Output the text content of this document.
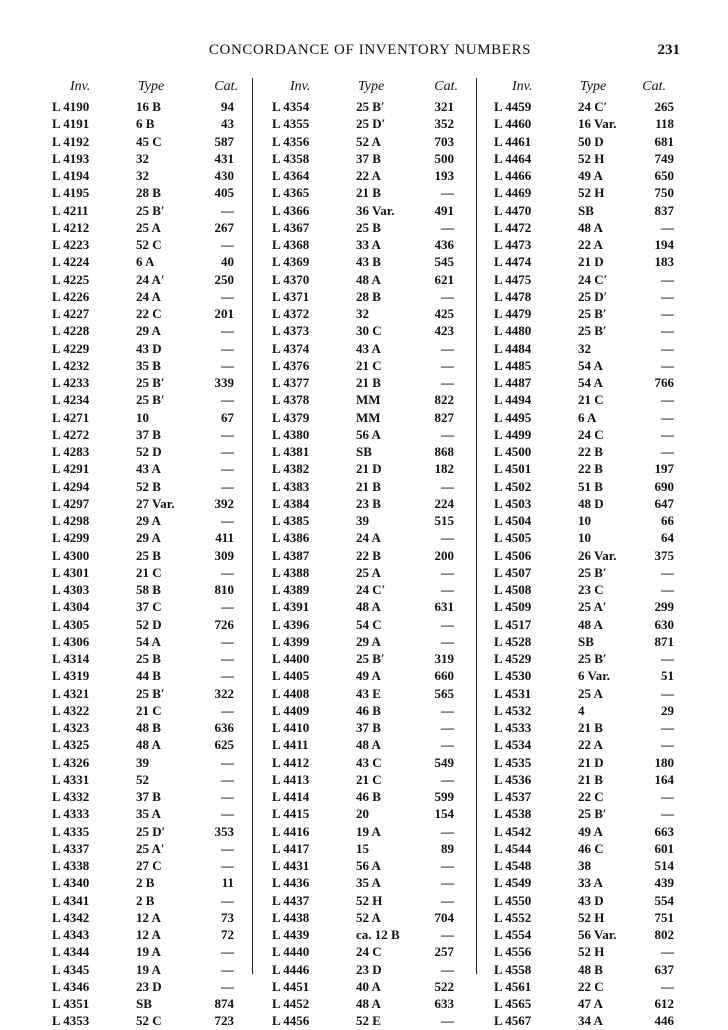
CONCORDANCE OF INVENTORY NUMBERS	231
Inv.	Type	Cat.
L 4190	16 B	94
L 4191	6 B	43
L 4192	45 C	587
L 4193	32	431
L 4194	32	430
L 4195	28 B	405
L 4211	25 B′	—
L 4212	25 A	267
L 4223	52 C	—
L 4224	6 A	40
L 4225	24 A′	250
L 4226	24 A	—
L 4227	22 C	201
L 4228	29 A	—
L 4229	43 D	—
L 4232	35 B	—
L 4233	25 B′	339
L 4234	25 B′	—
L 4271	10	67
L 4272	37 B	—
L 4283	52 D	—
L 4291	43 A	—
L 4294	52 B	—
L 4297	27 Var.	392
L 4298	29 A	—
L 4299	29 A	411
L 4300	25 B	309
L 4301	21 C	—
L 4303	58 B	810
L 4304	37 C	—
L 4305	52 D	726
L 4306	54 A	—
L 4314	25 B	—
L 4319	44 B	—
L 4321	25 B′	322
L 4322	21 C	—
L 4323	48 B	636
L 4325	48 A	625
L 4326	39	—
L 4331	52	—
L 4332	37 B	—
L 4333	35 A	—
L 4335	25 D′	353
L 4337	25 A′	—
L 4338	27 C	—
L 4340	2 B	11
L 4341	2 B	—
L 4342	12 A	73
L 4343	12 A	72
L 4344	19 A	—
L 4345	19 A	—
L 4346	23 D	—
L 4351	SB	874
L 4353	52 C	723
Inv.	Type	Cat.
L 4354	25 B′	321
L 4355	25 D′	352
L 4356	52 A	703
L 4358	37 B	500
L 4364	22 A	193
L 4365	21 B	—
L 4366	36 Var.	491
L 4367	25 B	—
L 4368	33 A	436
L 4369	43 B	545
L 4370	48 A	621
L 4371	28 B	—
L 4372	32	425
L 4373	30 C	423
L 4374	43 A	—
L 4376	21 C	—
L 4377	21 B	—
L 4378	MM	822
L 4379	MM	827
L 4380	56 A	—
L 4381	SB	868
L 4382	21 D	182
L 4383	21 B	—
L 4384	23 B	224
L 4385	39	515
L 4386	24 A	—
L 4387	22 B	200
L 4388	25 A	—
L 4389	24 C′	—
L 4391	48 A	631
L 4396	54 C	—
L 4399	29 A	—
L 4400	25 B′	319
L 4405	49 A	660
L 4408	43 E	565
L 4409	46 B	—
L 4410	37 B	—
L 4411	48 A	—
L 4412	43 C	549
L 4413	21 C	—
L 4414	46 B	599
L 4415	20	154
L 4416	19 A	—
L 4417	15	89
L 4431	56 A	—
L 4436	35 A	—
L 4437	52 H	—
L 4438	52 A	704
L 4439	ca. 12 B	—
L 4440	24 C	257
L 4446	23 D	—
L 4451	40 A	522
L 4452	48 A	633
L 4456	52 E	—
Inv.	Type	Cat.
L 4459	24 C′	265
L 4460	16 Var.	118
L 4461	50 D	681
L 4464	52 H	749
L 4466	49 A	650
L 4469	52 H	750
L 4470	SB	837
L 4472	48 A	—
L 4473	22 A	194
L 4474	21 D	183
L 4475	24 C′	—
L 4478	25 D′	—
L 4479	25 B′	—
L 4480	25 B′	—
L 4484	32	—
L 4485	54 A	—
L 4487	54 A	766
L 4494	21 C	—
L 4495	6 A	—
L 4499	24 C	—
L 4500	22 B	—
L 4501	22 B	197
L 4502	51 B	690
L 4503	48 D	647
L 4504	10	66
L 4505	10	64
L 4506	26 Var.	375
L 4507	25 B′	—
L 4508	23 C	—
L 4509	25 A′	299
L 4517	48 A	630
L 4528	SB	871
L 4529	25 B′	—
L 4530	6 Var.	51
L 4531	25 A	—
L 4532	4	29
L 4533	21 B	—
L 4534	22 A	—
L 4535	21 D	180
L 4536	21 B	164
L 4537	22 C	—
L 4538	25 B′	—
L 4542	49 A	663
L 4544	46 C	601
L 4548	38	514
L 4549	33 A	439
L 4550	43 D	554
L 4552	52 H	751
L 4554	56 Var.	802
L 4556	52 H	—
L 4558	48 B	637
L 4561	22 C	—
L 4565	47 A	612
L 4567	34 A	446
